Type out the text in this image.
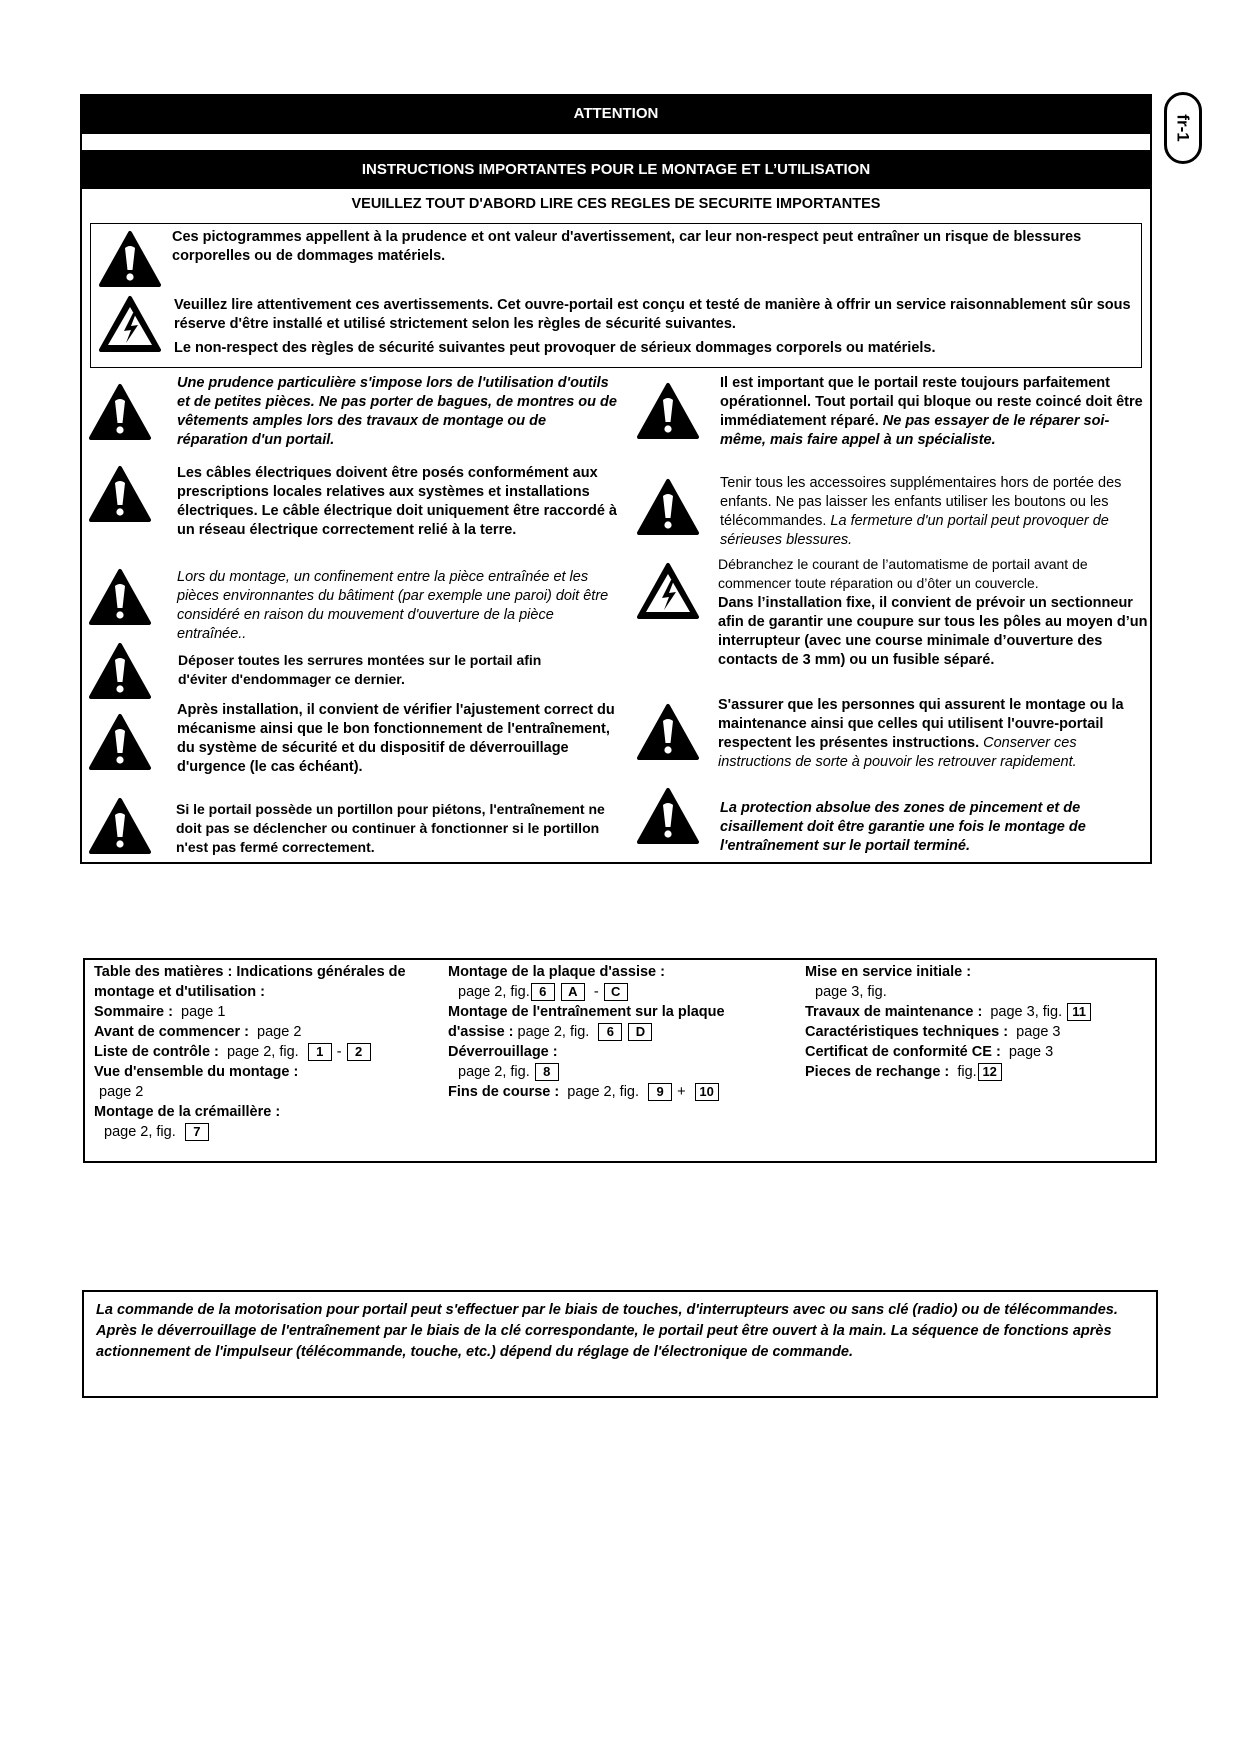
fr-1
ATTENTION
INSTRUCTIONS IMPORTANTES POUR LE MONTAGE ET L’UTILISATION
VEUILLEZ TOUT D'ABORD LIRE CES REGLES DE SECURITE IMPORTANTES
Ces pictogrammes appellent à la prudence et ont valeur d'avertissement, car leur non-respect peut entraîner un risque de blessures corporelles ou de dommages matériels.
Veuillez lire attentivement ces avertissements. Cet ouvre-portail est conçu et testé de manière à offrir un service raisonnablement sûr sous réserve d'être installé et utilisé strictement selon les règles de sécurité suivantes.
Le non-respect des règles de sécurité suivantes peut provoquer de sérieux dommages corporels ou matériels.
Une prudence particulière s'impose lors de l'utilisation d'outils et de petites pièces. Ne pas porter de bagues, de montres ou de vêtements amples lors des travaux de montage ou de réparation d'un portail.
Les câbles électriques doivent être posés conformément aux prescriptions locales relatives aux systèmes et installations électriques. Le câble électrique doit uniquement être raccordé à un réseau électrique correctement relié à la terre.
Lors du montage, un confinement entre la pièce entraînée et les pièces environnantes du bâtiment (par exemple une paroi) doit être considéré en raison du mouvement d'ouverture de la pièce entraînée..
Déposer toutes les serrures montées sur le portail afin d'éviter d'endommager ce dernier.
Après installation, il convient de vérifier l'ajustement correct du mécanisme ainsi que le bon fonctionnement de l'entraînement, du système de sécurité et du dispositif de déverrouillage d'urgence (le cas échéant).
Si le portail possède un portillon pour piétons, l'entraînement ne doit pas se déclencher ou continuer à fonctionner si le portillon n'est pas fermé correctement.
Il est important que le portail reste toujours parfaitement opérationnel. Tout portail qui bloque ou reste coincé doit être immédiatement réparé. Ne pas essayer de le réparer soi-même, mais faire appel à un spécialiste.
Tenir tous les accessoires supplémentaires hors de portée des enfants. Ne pas laisser les enfants utiliser les boutons ou les télécommandes. La fermeture d'un portail peut provoquer de sérieuses blessures.
Débranchez le courant de l’automatisme de portail avant de commencer toute réparation ou d’ôter un couvercle.
Dans l’installation fixe, il convient de prévoir un sectionneur afin de garantir une coupure sur tous les pôles au moyen d’un interrupteur (avec une course minimale d’ouverture des contacts de 3 mm) ou un fusible séparé.
S'assurer que les personnes qui assurent le montage ou la maintenance ainsi que celles qui utilisent l'ouvre-portail respectent les présentes instructions. Conserver ces instructions de sorte à pouvoir les retrouver rapidement.
La protection absolue des zones de pincement et de cisaillement doit être garantie une fois le montage de l'entraînement sur le portail terminé.
Table des matières : Indications générales de montage et d'utilisation :
Sommaire : page 1
Avant de commencer : page 2
Liste de contrôle : page 2, fig. 1 - 2
Vue d'ensemble du montage :
page 2
Montage de la crémaillère :
page 2, fig. 7
Montage de la plaque d'assise :
page 2, fig. 6 A  - C
Montage de l'entraînement sur la plaque d'assise : page 2, fig. 6 D
Déverrouillage :
page 2, fig. 8
Fins de course : page 2, fig. 9 +  10
Mise en service initiale :
page 3, fig.
Travaux de maintenance : page 3, fig. 11
Caractéristiques techniques : page 3
Certificat de conformité CE : page 3
Pieces de rechange : fig. 12
La commande de la motorisation pour portail peut s'effectuer par le biais de touches, d'interrupteurs avec ou sans clé (radio) ou de télécommandes. Après le déverrouillage de l'entraînement par le biais de la clé correspondante, le portail peut être ouvert à la main. La séquence de fonctions après actionnement de l'impulseur (télécommande, touche, etc.) dépend du réglage de l'électronique de commande.
